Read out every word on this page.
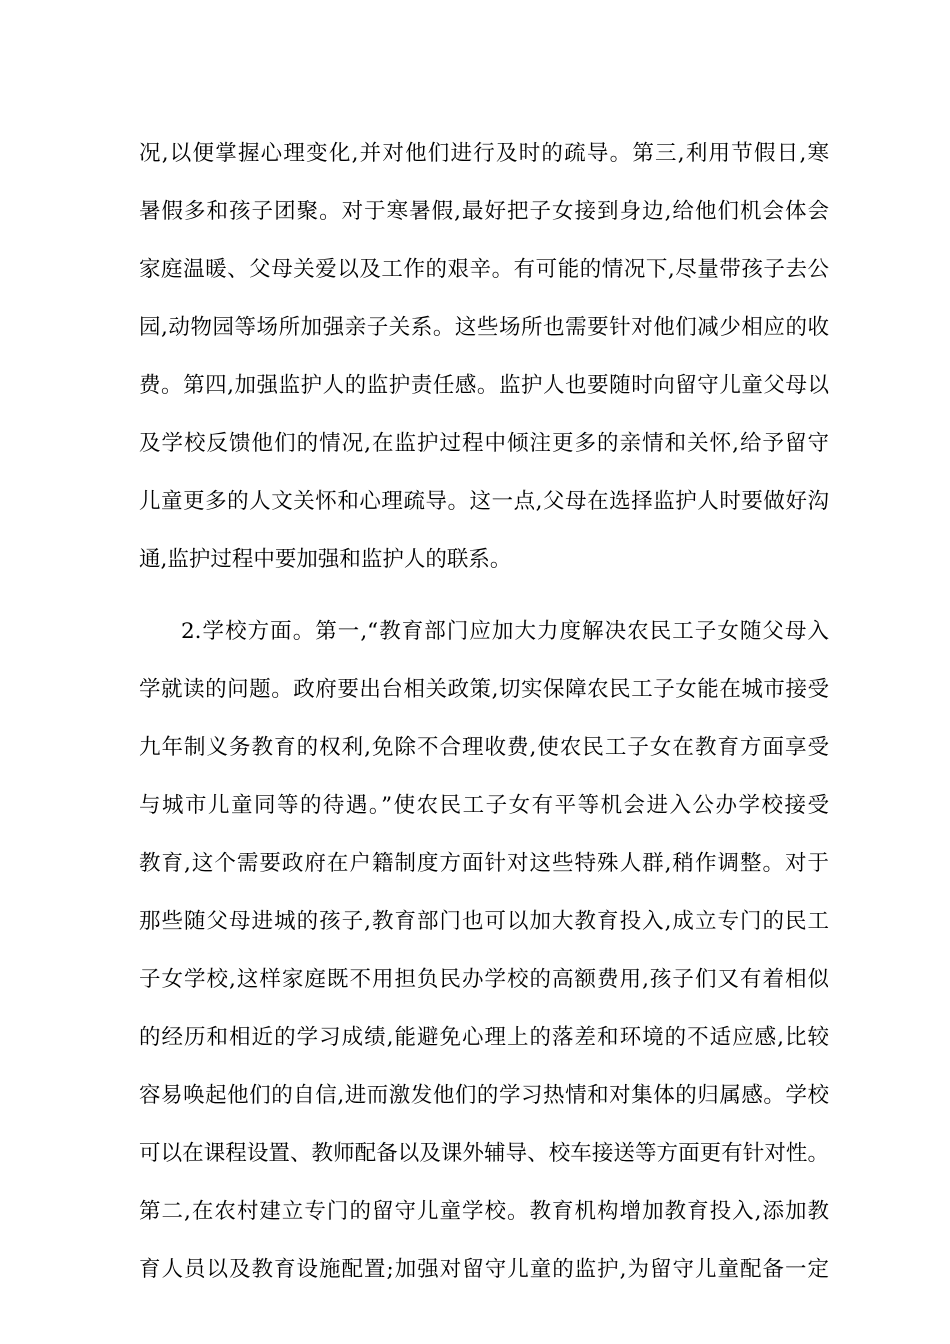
况,以便掌握心理变化,并对他们进行及时的疏导。第三,利用节假日,寒
暑假多和孩子团聚。对于寒暑假,最好把子女接到身边,给他们机会体会
家庭温暖、父母关爱以及工作的艰辛。有可能的情况下,尽量带孩子去公
园,动物园等场所加强亲子关系。这些场所也需要针对他们减少相应的收
费。第四,加强监护人的监护责任感。监护人也要随时向留守儿童父母以
及学校反馈他们的情况,在监护过程中倾注更多的亲情和关怀,给予留守
儿童更多的人文关怀和心理疏导。这一点,父母在选择监护人时要做好沟
通,监护过程中要加强和监护人的联系。
2.学校方面。第一,“教育部门应加大力度解决农民工子女随父母入
学就读的问题。政府要出台相关政策,切实保障农民工子女能在城市接受
九年制义务教育的权利,免除不合理收费,使农民工子女在教育方面享受
与城市儿童同等的待遇。”使农民工子女有平等机会进入公办学校接受
教育,这个需要政府在户籍制度方面针对这些特殊人群,稍作调整。对于
那些随父母进城的孩子,教育部门也可以加大教育投入,成立专门的民工
子女学校,这样家庭既不用担负民办学校的高额费用,孩子们又有着相似
的经历和相近的学习成绩,能避免心理上的落差和环境的不适应感,比较
容易唤起他们的自信,进而激发他们的学习热情和对集体的归属感。学校
可以在课程设置、教师配备以及课外辅导、校车接送等方面更有针对性。
第二,在农村建立专门的留守儿童学校。教育机构增加教育投入,添加教
育人员以及教育设施配置;加强对留守儿童的监护,为留守儿童配备一定
